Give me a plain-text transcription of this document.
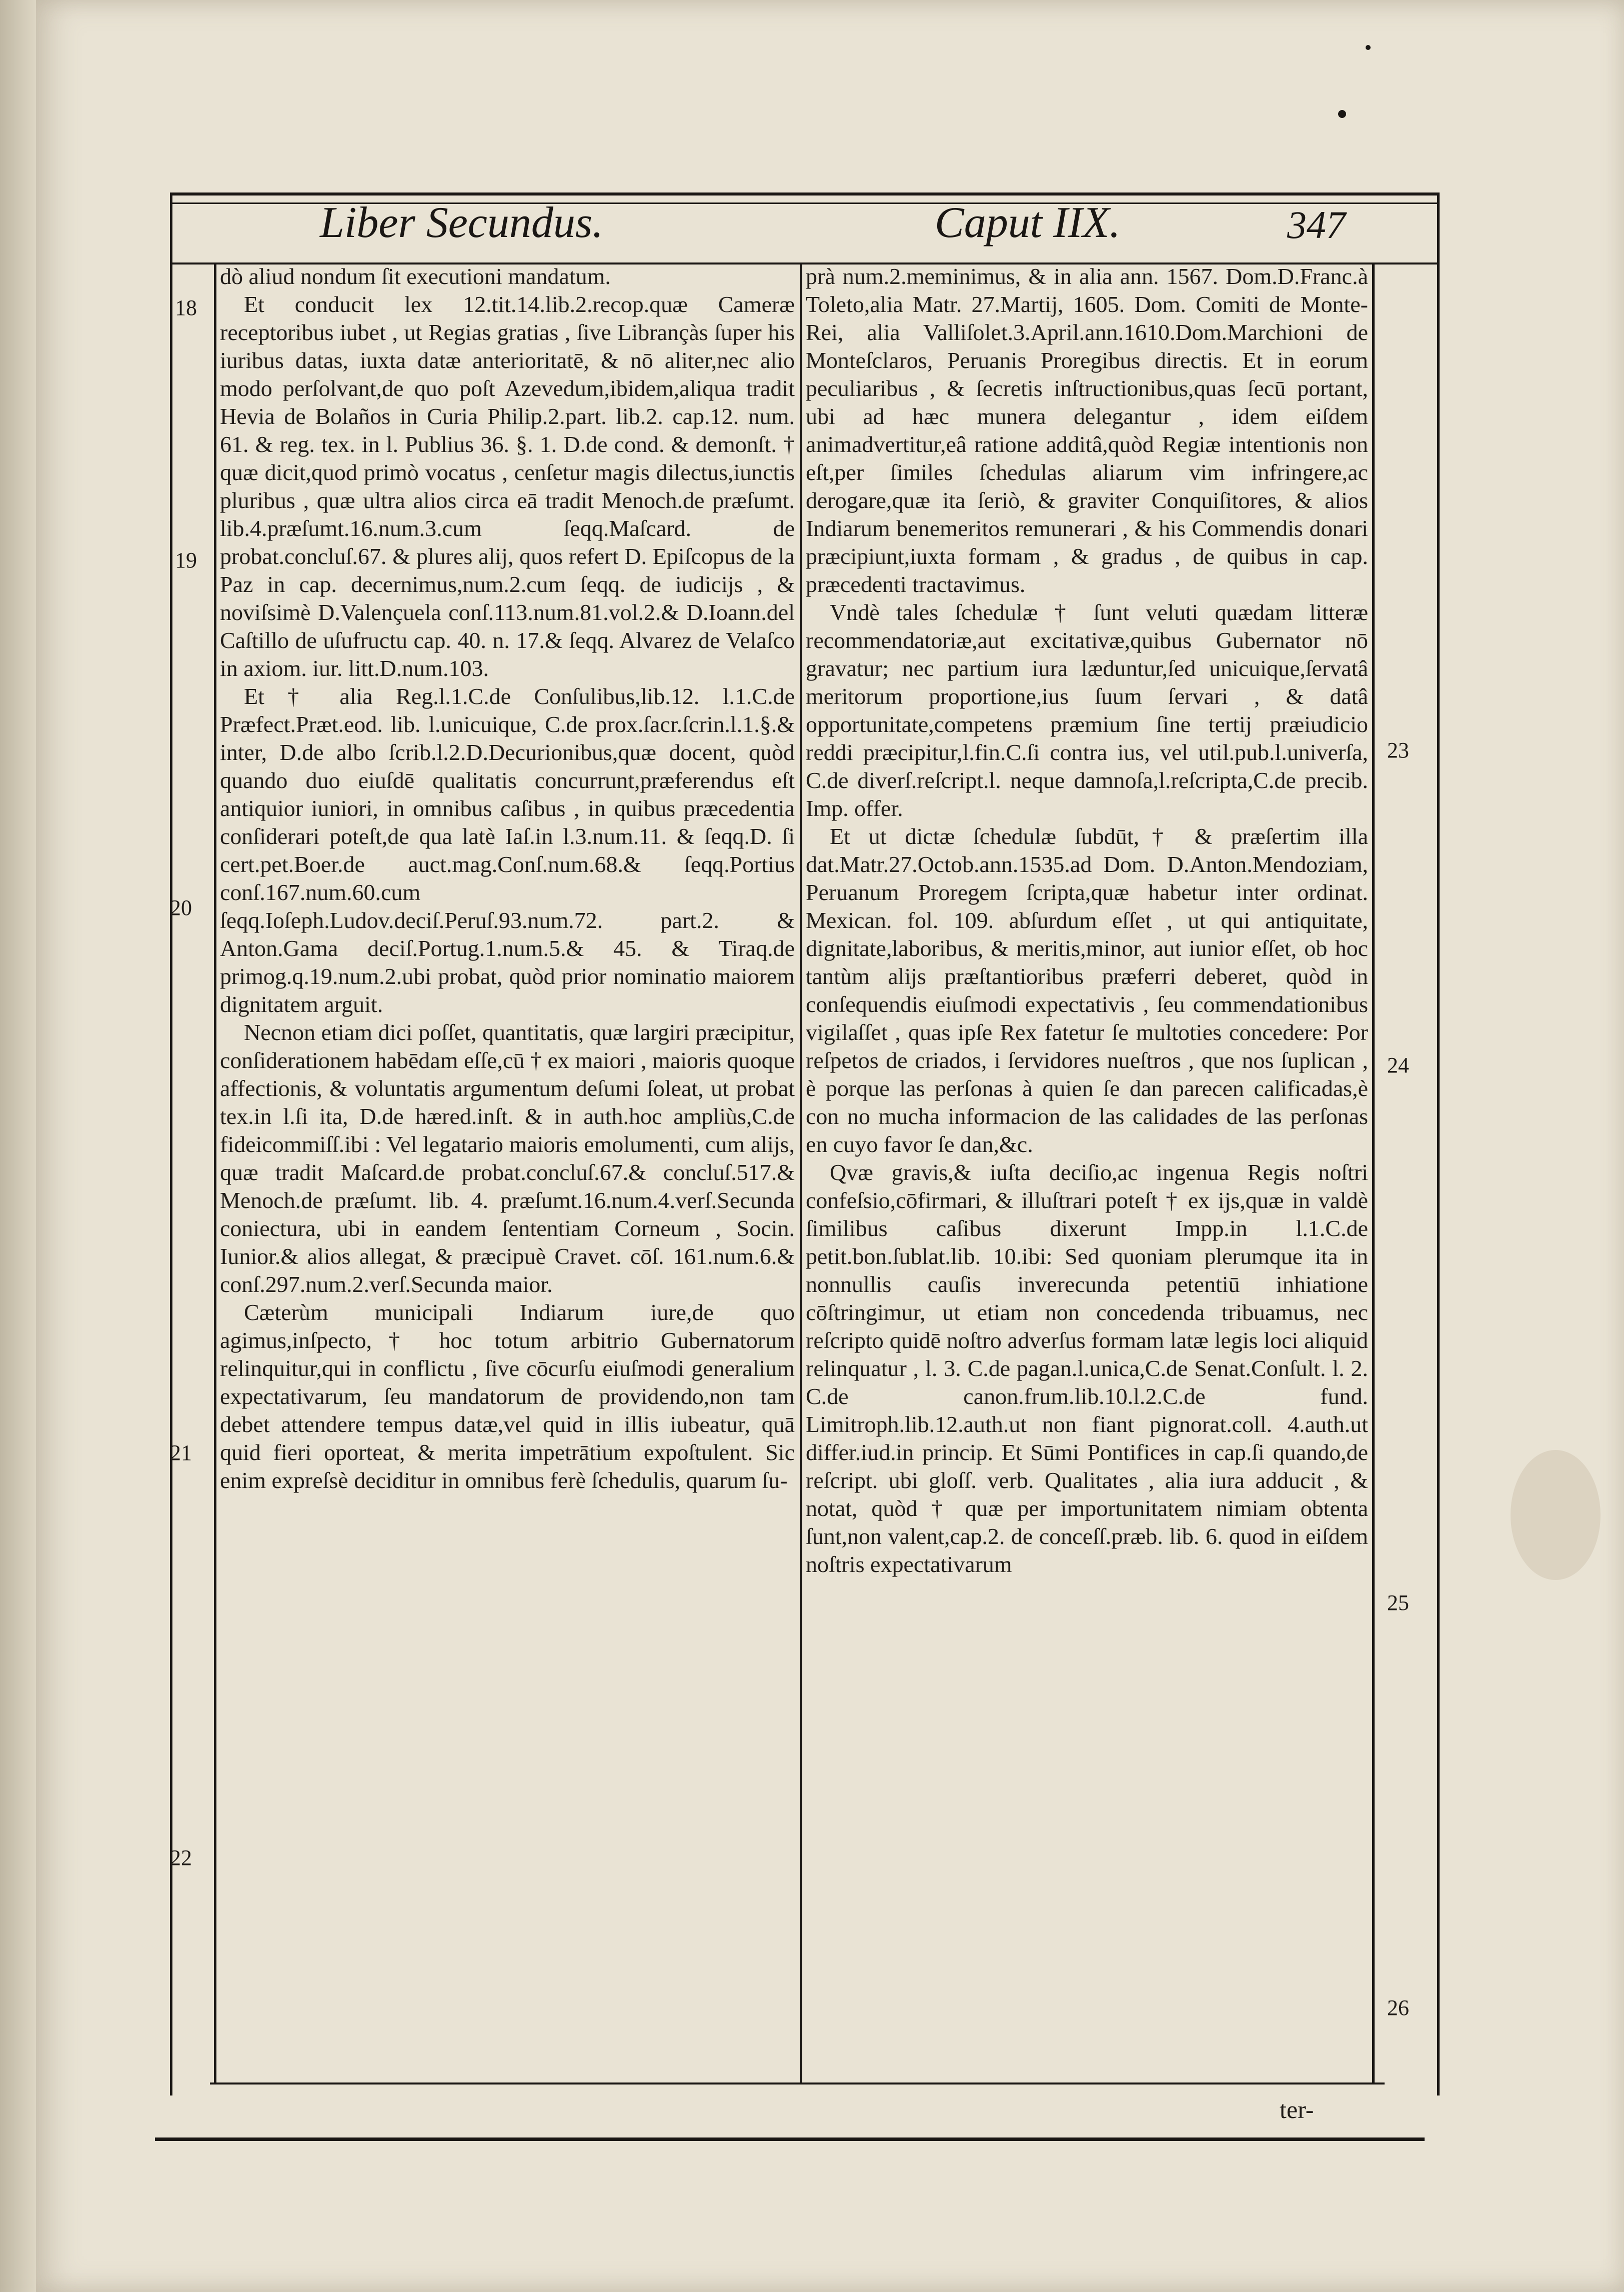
Liber Secundus.	Caput IIX.	347

dò aliud nondum ſit executioni mandatum.

Et conducit lex 12.tit.14.lib.2.recop.quæ Cameræ receptoribus iubet , ut Regias gratias , ſive Librançàs ſuper his iuribus datas, iuxta datæ anterioritatē, & nō aliter,nec alio modo perſolvant,de quo poſt Azevedum,ibidem,aliqua tradit Hevia de Bolaños in Curia Philip.2.part. lib.2. cap.12. num. 61. & reg. tex. in l. Publius 36. §. 1. D.de cond. & demonſt. † quæ dicit,quod primò vocatus , cenſetur magis dilectus,iunctis pluribus , quæ ultra alios circa eā tradit Menoch.de præſumt. lib.4.præſumt.16.num.3.cum ſeqq.Maſcard. de probat.concluſ.67. & plures alij, quos refert D. Epiſcopus de la Paz in cap. decernimus,num.2.cum ſeqq. de iudicijs , & noviſsimè D.Valençuela conſ.113.num.81.vol.2.& D.Ioann.del Caſtillo de uſufructu cap. 40. n. 17.& ſeqq. Alvarez de Velaſco in axiom. iur. litt.D.num.103.

Et † alia Reg.l.1.C.de Conſulibus,lib.12. l.1.C.de Præfect.Præt.eod. lib. l.unicuique, C.de prox.ſacr.ſcrin.l.1.§.& inter, D.de albo ſcrib.l.2.D.Decurionibus,quæ docent, quòd quando duo eiuſdē qualitatis concurrunt,præferendus eſt antiquior iuniori, in omnibus caſibus , in quibus præcedentia conſiderari poteſt,de qua latè Iaſ.in l.3.num.11. & ſeqq.D. ſi cert.pet.Boer.de auct.mag.Conſ.num.68.& ſeqq.Portius conſ.167.num.60.cum ſeqq.Ioſeph.Ludov.deciſ.Peruſ.93.num.72. part.2. & Anton.Gama deciſ.Portug.1.num.5.& 45. & Tiraq.de primog.q.19.num.2.ubi probat, quòd prior nominatio maiorem dignitatem arguit.

Necnon etiam dici poſſet, quantitatis, quæ largiri præcipitur, conſiderationem habēdam eſſe,cū † ex maiori , maioris quoque affectionis, & voluntatis argumentum deſumi ſoleat, ut probat tex.in l.ſi ita, D.de hæred.inſt. & in auth.hoc ampliùs,C.de fideicommiſſ.ibi : Vel legatario maioris emolumenti, cum alijs, quæ tradit Maſcard.de probat.concluſ.67.& concluſ.517.& Menoch.de præſumt. lib. 4. præſumt.16.num.4.verſ.Secunda coniectura, ubi in eandem ſententiam Corneum , Socin. Iunior.& alios allegat, & præcipuè Cravet. cōſ. 161.num.6.& conſ.297.num.2.verſ.Secunda maior.

Cæterùm municipali Indiarum iure,de quo agimus,inſpecto,† hoc totum arbitrio Gubernatorum relinquitur,qui in conflictu , ſive cōcurſu eiuſmodi generalium expectativarum, ſeu mandatorum de providendo,non tam debet attendere tempus datæ,vel quid in illis iubeatur, quā quid fieri oporteat, & merita impetrātium expoſtulent. Sic enim expreſsè deciditur in omnibus ferè ſchedulis, quarum ſu-

prà num.2.meminimus, & in alia ann. 1567. Dom.D.Franc.à Toleto,alia Matr. 27.Martij, 1605. Dom. Comiti de Monte-Rei, alia Valliſolet.3.April.ann.1610.Dom.Marchioni de Monteſclaros, Peruanis Proregibus directis. Et in eorum peculiaribus , & ſecretis inſtructionibus,quas ſecū portant, ubi ad hæc munera delegantur , idem eiſdem animadvertitur,eâ ratione additâ,quòd Regiæ intentionis non eſt,per ſimiles ſchedulas aliarum vim infringere,ac derogare,quæ ita ſeriò, & graviter Conquiſitores, & alios Indiarum benemeritos remunerari , & his Commendis donari præcipiunt,iuxta formam , & gradus , de quibus in cap. præcedenti tractavimus.

Vndè tales ſchedulæ † ſunt veluti quædam litteræ recommendatoriæ,aut excitativæ,quibus Gubernator nō gravatur; nec partium iura læduntur,ſed unicuique,ſervatâ meritorum proportione,ius ſuum ſervari , & datâ opportunitate,competens præmium ſine tertij præiudicio reddi præcipitur,l.fin.C.ſi contra ius, vel util.pub.l.univerſa, C.de diverſ.reſcript.l. neque damnoſa,l.reſcripta,C.de precib. Imp. offer.

Et ut dictæ ſchedulæ ſubdūt,† & præſertim illa dat.Matr.27.Octob.ann.1535.ad Dom. D.Anton.Mendoziam, Peruanum Proregem ſcripta,quæ habetur inter ordinat. Mexican. fol. 109. abſurdum eſſet , ut qui antiquitate, dignitate,laboribus, & meritis,minor, aut iunior eſſet, ob hoc tantùm alijs præſtantioribus præferri deberet, quòd in conſequendis eiuſmodi expectativis , ſeu commendationibus vigilaſſet , quas ipſe Rex fatetur ſe multoties concedere: Por reſpetos de criados, i ſervidores nueſtros , que nos ſuplican , è porque las perſonas à quien ſe dan parecen calificadas,è con no mucha informacion de las calidades de las perſonas en cuyo favor ſe dan,&c.

Qvæ gravis,& iuſta deciſio,ac ingenua Regis noſtri confeſsio,cōfirmari, & illuſtrari poteſt † ex ijs,quæ in valdè ſimilibus caſibus dixerunt Impp.in l.1.C.de petit.bon.ſublat.lib. 10.ibi: Sed quoniam plerumque ita in nonnullis cauſis inverecunda petentiū inhiatione cōſtringimur, ut etiam non concedenda tribuamus, nec reſcripto quidē noſtro adverſus formam latæ legis loci aliquid relinquatur , l. 3. C.de pagan.l.unica,C.de Senat.Conſult. l. 2. C.de canon.frum.lib.10.l.2.C.de fund. Limitroph.lib.12.auth.ut non fiant pignorat.coll. 4.auth.ut differ.iud.in princip. Et Sūmi Pontifices in cap.ſi quando,de reſcript. ubi gloſſ. verb. Qualitates , alia iura adducit , & notat, quòd † quæ per importunitatem nimiam obtenta ſunt,non valent,cap.2. de conceſſ.præb. lib. 6. quod in eiſdem noſtris expectativarum

18
19
20
21
22
23
24
25
26
ter-
